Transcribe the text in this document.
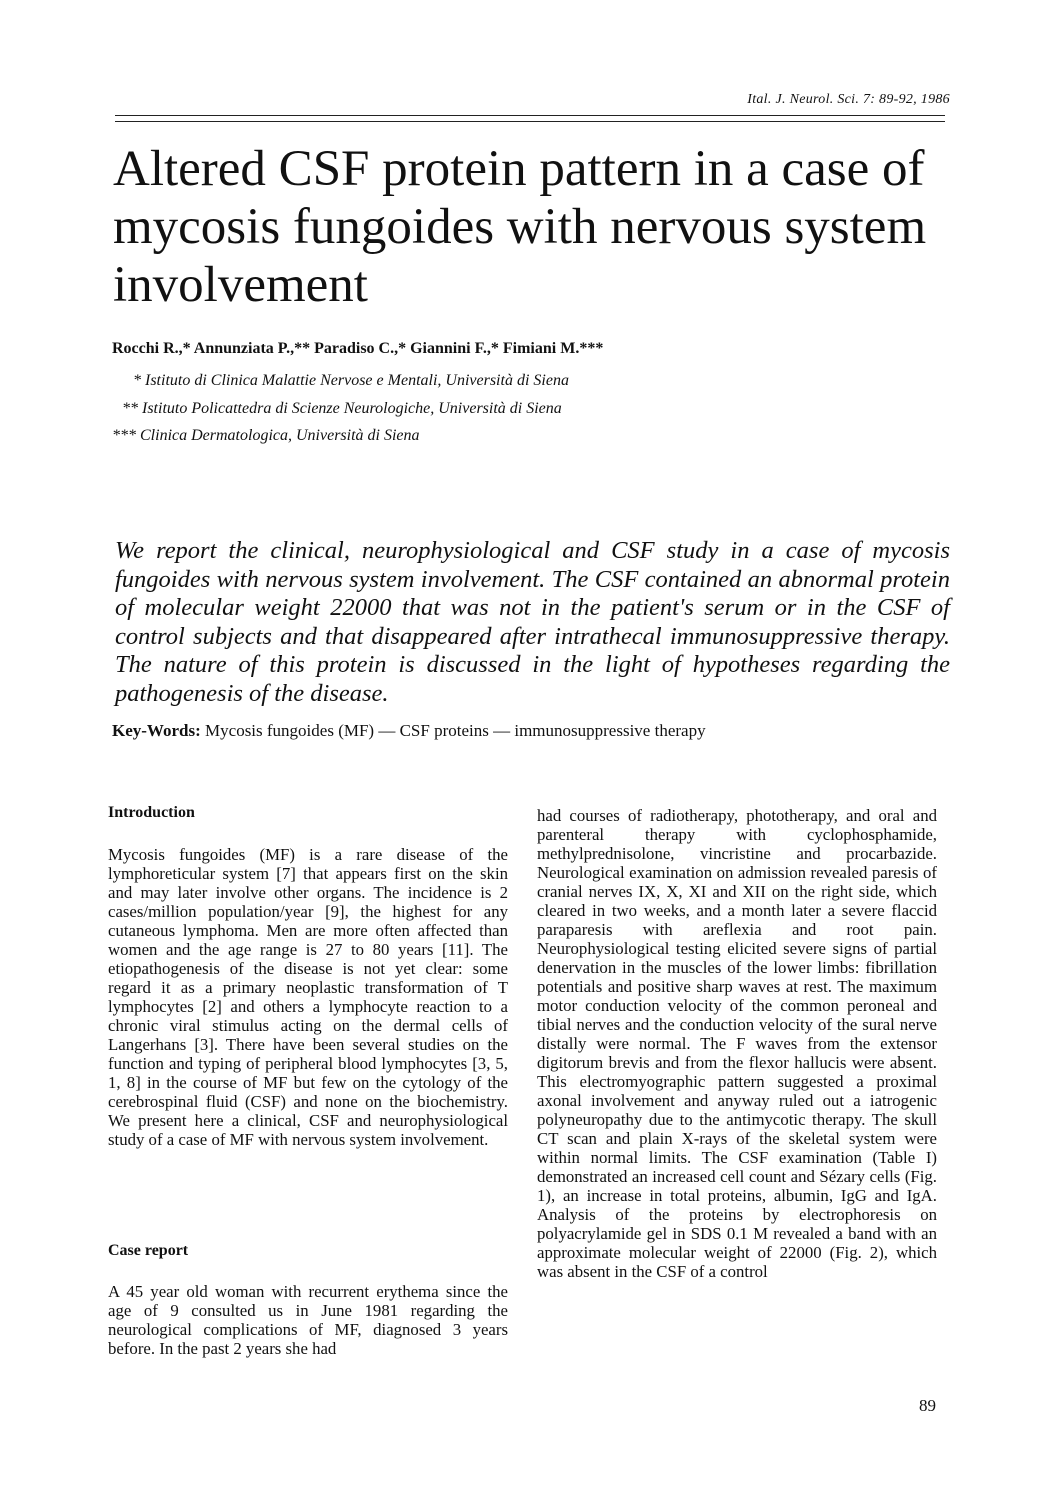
Ital. J. Neurol. Sci. 7: 89-92, 1986
Altered CSF protein pattern in a case of mycosis fungoides with nervous system involvement
Rocchi R.,* Annunziata P.,** Paradiso C.,* Giannini F.,* Fimiani M.***
* Istituto di Clinica Malattie Nervose e Mentali, Università di Siena
** Istituto Policattedra di Scienze Neurologiche, Università di Siena
*** Clinica Dermatologica, Università di Siena

We report the clinical, neurophysiological and CSF study in a case of mycosis fungoides with nervous system involvement. The CSF contained an abnormal protein of molecular weight 22000 that was not in the patient's serum or in the CSF of control subjects and that disappeared after intrathecal immunosuppressive therapy. The nature of this protein is discussed in the light of hypotheses regarding the pathogenesis of the disease.

Key-Words: Mycosis fungoides (MF) — CSF proteins — immunosuppressive therapy
Introduction

Mycosis fungoides (MF) is a rare disease of the lymphoreticular system [7] that appears first on the skin and may later involve other organs. The incidence is 2 cases/million population/year [9], the highest for any cutaneous lymphoma. Men are more often affected than women and the age range is 27 to 80 years [11]. The etiopathogenesis of the disease is not yet clear: some regard it as a primary neoplastic transformation of T lymphocytes [2] and others a lymphocyte reaction to a chronic viral stimulus acting on the dermal cells of Langerhans [3]. There have been several studies on the function and typing of peripheral blood lymphocytes [3, 5, 1, 8] in the course of MF but few on the cytology of the cerebrospinal fluid (CSF) and none on the biochemistry. We present here a clinical, CSF and neurophysiological study of a case of MF with nervous system involvement.

Case report

A 45 year old woman with recurrent erythema since the age of 9 consulted us in June 1981 regarding the neurological complications of MF, diagnosed 3 years before. In the past 2 years she had

had courses of radiotherapy, phototherapy, and oral and parenteral therapy with cyclophosphamide, methylprednisolone, vincristine and procarbazide. Neurological examination on admission revealed paresis of cranial nerves IX, X, XI and XII on the right side, which cleared in two weeks, and a month later a severe flaccid paraparesis with areflexia and root pain. Neurophysiological testing elicited severe signs of partial denervation in the muscles of the lower limbs: fibrillation potentials and positive sharp waves at rest. The maximum motor conduction velocity of the common peroneal and tibial nerves and the conduction velocity of the sural nerve distally were normal. The F waves from the extensor digitorum brevis and from the flexor hallucis were absent. This electromyographic pattern suggested a proximal axonal involvement and anyway ruled out a iatrogenic polyneuropathy due to the antimycotic therapy. The skull CT scan and plain X-rays of the skeletal system were within normal limits. The CSF examination (Table I) demonstrated an increased cell count and Sézary cells (Fig. 1), an increase in total proteins, albumin, IgG and IgA. Analysis of the proteins by electrophoresis on polyacrylamide gel in SDS 0.1 M revealed a band with an approximate molecular weight of 22000 (Fig. 2), which was absent in the CSF of a control

89
